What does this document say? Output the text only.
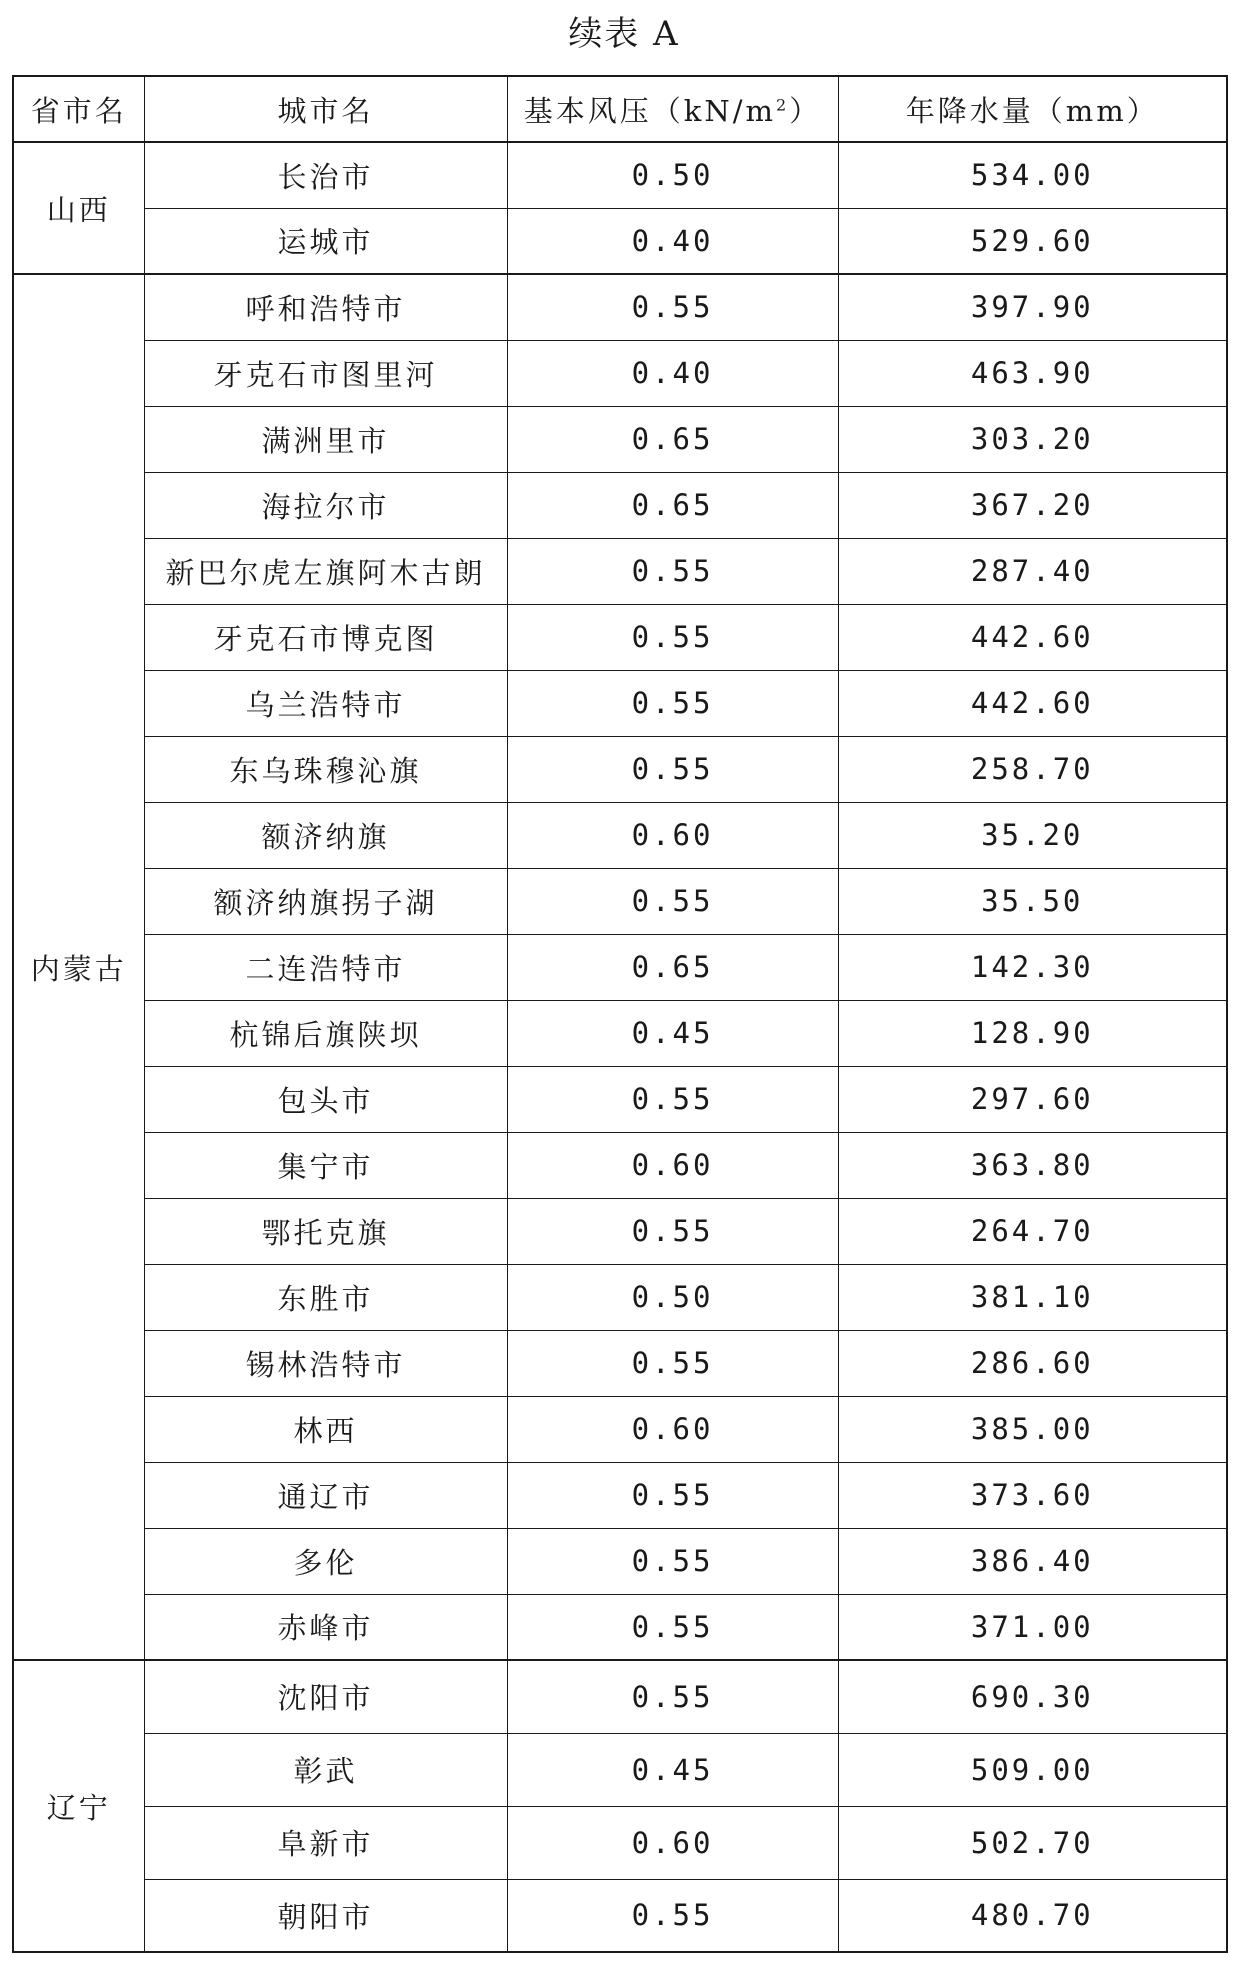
续表 A
省市名	城市名	基本风压$(kN/m^2)$	年降水量（mm）
山西	长治市	0.50	534.00
	运城市	0.40	529.60
内蒙古	呼和浩特市	0.55	397.90
	牙克石市图里河	0.40	463.90
	满洲里市	0.65	303.20
	海拉尔市	0.65	367.20
	新巴尔虎左旗阿木古朗	0.55	287.40
	牙克石市博克图	0.55	442.60
	乌兰浩特市	0.55	442.60
	东乌珠穆沁旗	0.55	258.70
	额济纳旗	0.60	35.20
	额济纳旗拐子湖	0.55	35.50
	二连浩特市	0.65	142.30
	杭锦后旗陕坝	0.45	128.90
	包头市	0.55	297.60
	集宁市	0.60	363.80
	鄂托克旗	0.55	264.70
	东胜市	0.50	381.10
	锡林浩特市	0.55	286.60
	林西	0.60	385.00
	通辽市	0.55	373.60
	多伦	0.55	386.40
	赤峰市	0.55	371.00
辽宁	沈阳市	0.55	690.30
	彰武	0.45	509.00
	阜新市	0.60	502.70
	朝阳市	0.55	480.70
